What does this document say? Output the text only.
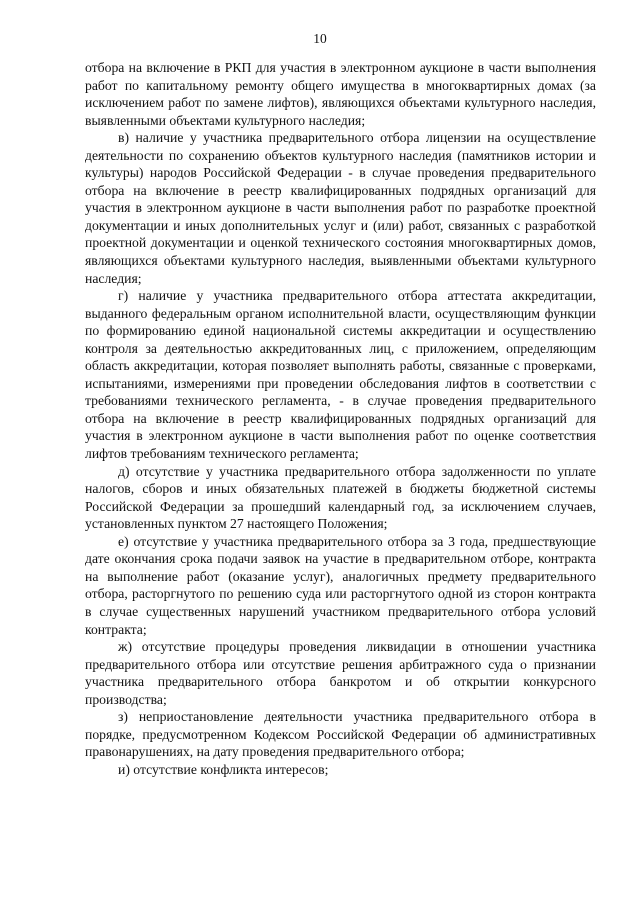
10

отбора на включение в РКП для участия в электронном аукционе в части выполнения работ по капитальному ремонту общего имущества в многоквартирных домах (за исключением работ по замене лифтов), являющихся объектами культурного наследия, выявленными объектами культурного наследия;

в) наличие у участника предварительного отбора лицензии на осуществление деятельности по сохранению объектов культурного наследия (памятников истории и культуры) народов Российской Федерации - в случае проведения предварительного отбора на включение в реестр квалифицированных подрядных организаций для участия в электронном аукционе в части выполнения работ по разработке проектной документации и иных дополнительных услуг и (или) работ, связанных с разработкой проектной документации и оценкой технического состояния многоквартирных домов, являющихся объектами культурного наследия, выявленными объектами культурного наследия;

г) наличие у участника предварительного отбора аттестата аккредитации, выданного федеральным органом исполнительной власти, осуществляющим функции по формированию единой национальной системы аккредитации и осуществлению контроля за деятельностью аккредитованных лиц, с приложением, определяющим область аккредитации, которая позволяет выполнять работы, связанные с проверками, испытаниями, измерениями при проведении обследования лифтов в соответствии с требованиями технического регламента, - в случае проведения предварительного отбора на включение в реестр квалифицированных подрядных организаций для участия в электронном аукционе в части выполнения работ по оценке соответствия лифтов требованиям технического регламента;

д) отсутствие у участника предварительного отбора задолженности по уплате налогов, сборов и иных обязательных платежей в бюджеты бюджетной системы Российской Федерации за прошедший календарный год, за исключением случаев, установленных пунктом 27 настоящего Положения;

е) отсутствие у участника предварительного отбора за 3 года, предшествующие дате окончания срока подачи заявок на участие в предварительном отборе, контракта на выполнение работ (оказание услуг), аналогичных предмету предварительного отбора, расторгнутого по решению суда или расторгнутого одной из сторон контракта в случае существенных нарушений участником предварительного отбора условий контракта;

ж) отсутствие процедуры проведения ликвидации в отношении участника предварительного отбора или отсутствие решения арбитражного суда о признании участника предварительного отбора банкротом и об открытии конкурсного производства;

з) неприостановление деятельности участника предварительного отбора в порядке, предусмотренном Кодексом Российской Федерации об административных правонарушениях, на дату проведения предварительного отбора;

и) отсутствие конфликта интересов;
